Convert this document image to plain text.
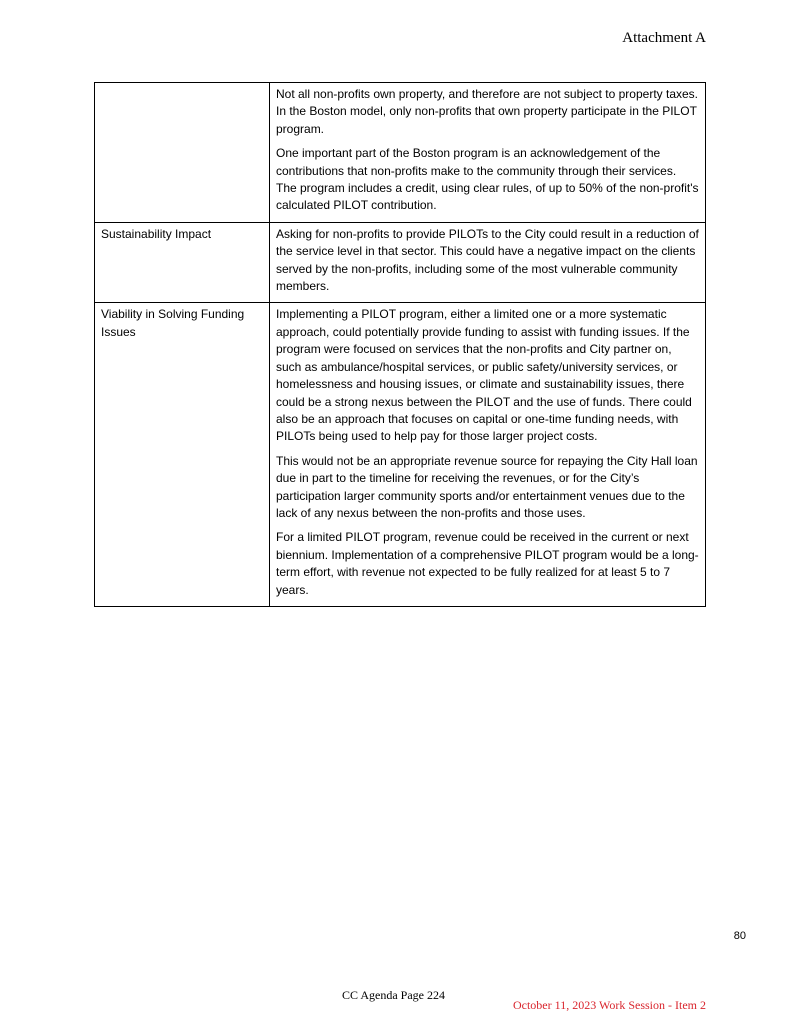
Attachment A

	Not all non-profits own property, and therefore are not subject to property taxes. In the Boston model, only non-profits that own property participate in the PILOT program.

One important part of the Boston program is an acknowledgement of the contributions that non-profits make to the community through their services. The program includes a credit, using clear rules, of up to 50% of the non-profit's calculated PILOT contribution.

Sustainability Impact	Asking for non-profits to provide PILOTs to the City could result in a reduction of the service level in that sector. This could have a negative impact on the clients served by the non-profits, including some of the most vulnerable community members.

Viability in Solving Funding Issues	Implementing a PILOT program, either a limited one or a more systematic approach, could potentially provide funding to assist with funding issues. If the program were focused on services that the non-profits and City partner on, such as ambulance/hospital services, or public safety/university services, or homelessness and housing issues, or climate and sustainability issues, there could be a strong nexus between the PILOT and the use of funds. There could also be an approach that focuses on capital or one-time funding needs, with PILOTs being used to help pay for those larger project costs.

This would not be an appropriate revenue source for repaying the City Hall loan due in part to the timeline for receiving the revenues, or for the City’s participation larger community sports and/or entertainment venues due to the lack of any nexus between the non-profits and those uses.

For a limited PILOT program, revenue could be received in the current or next biennium. Implementation of a comprehensive PILOT program would be a long-term effort, with revenue not expected to be fully realized for at least 5 to 7 years.

80
CC Agenda Page 224
October 11, 2023 Work Session - Item 2
